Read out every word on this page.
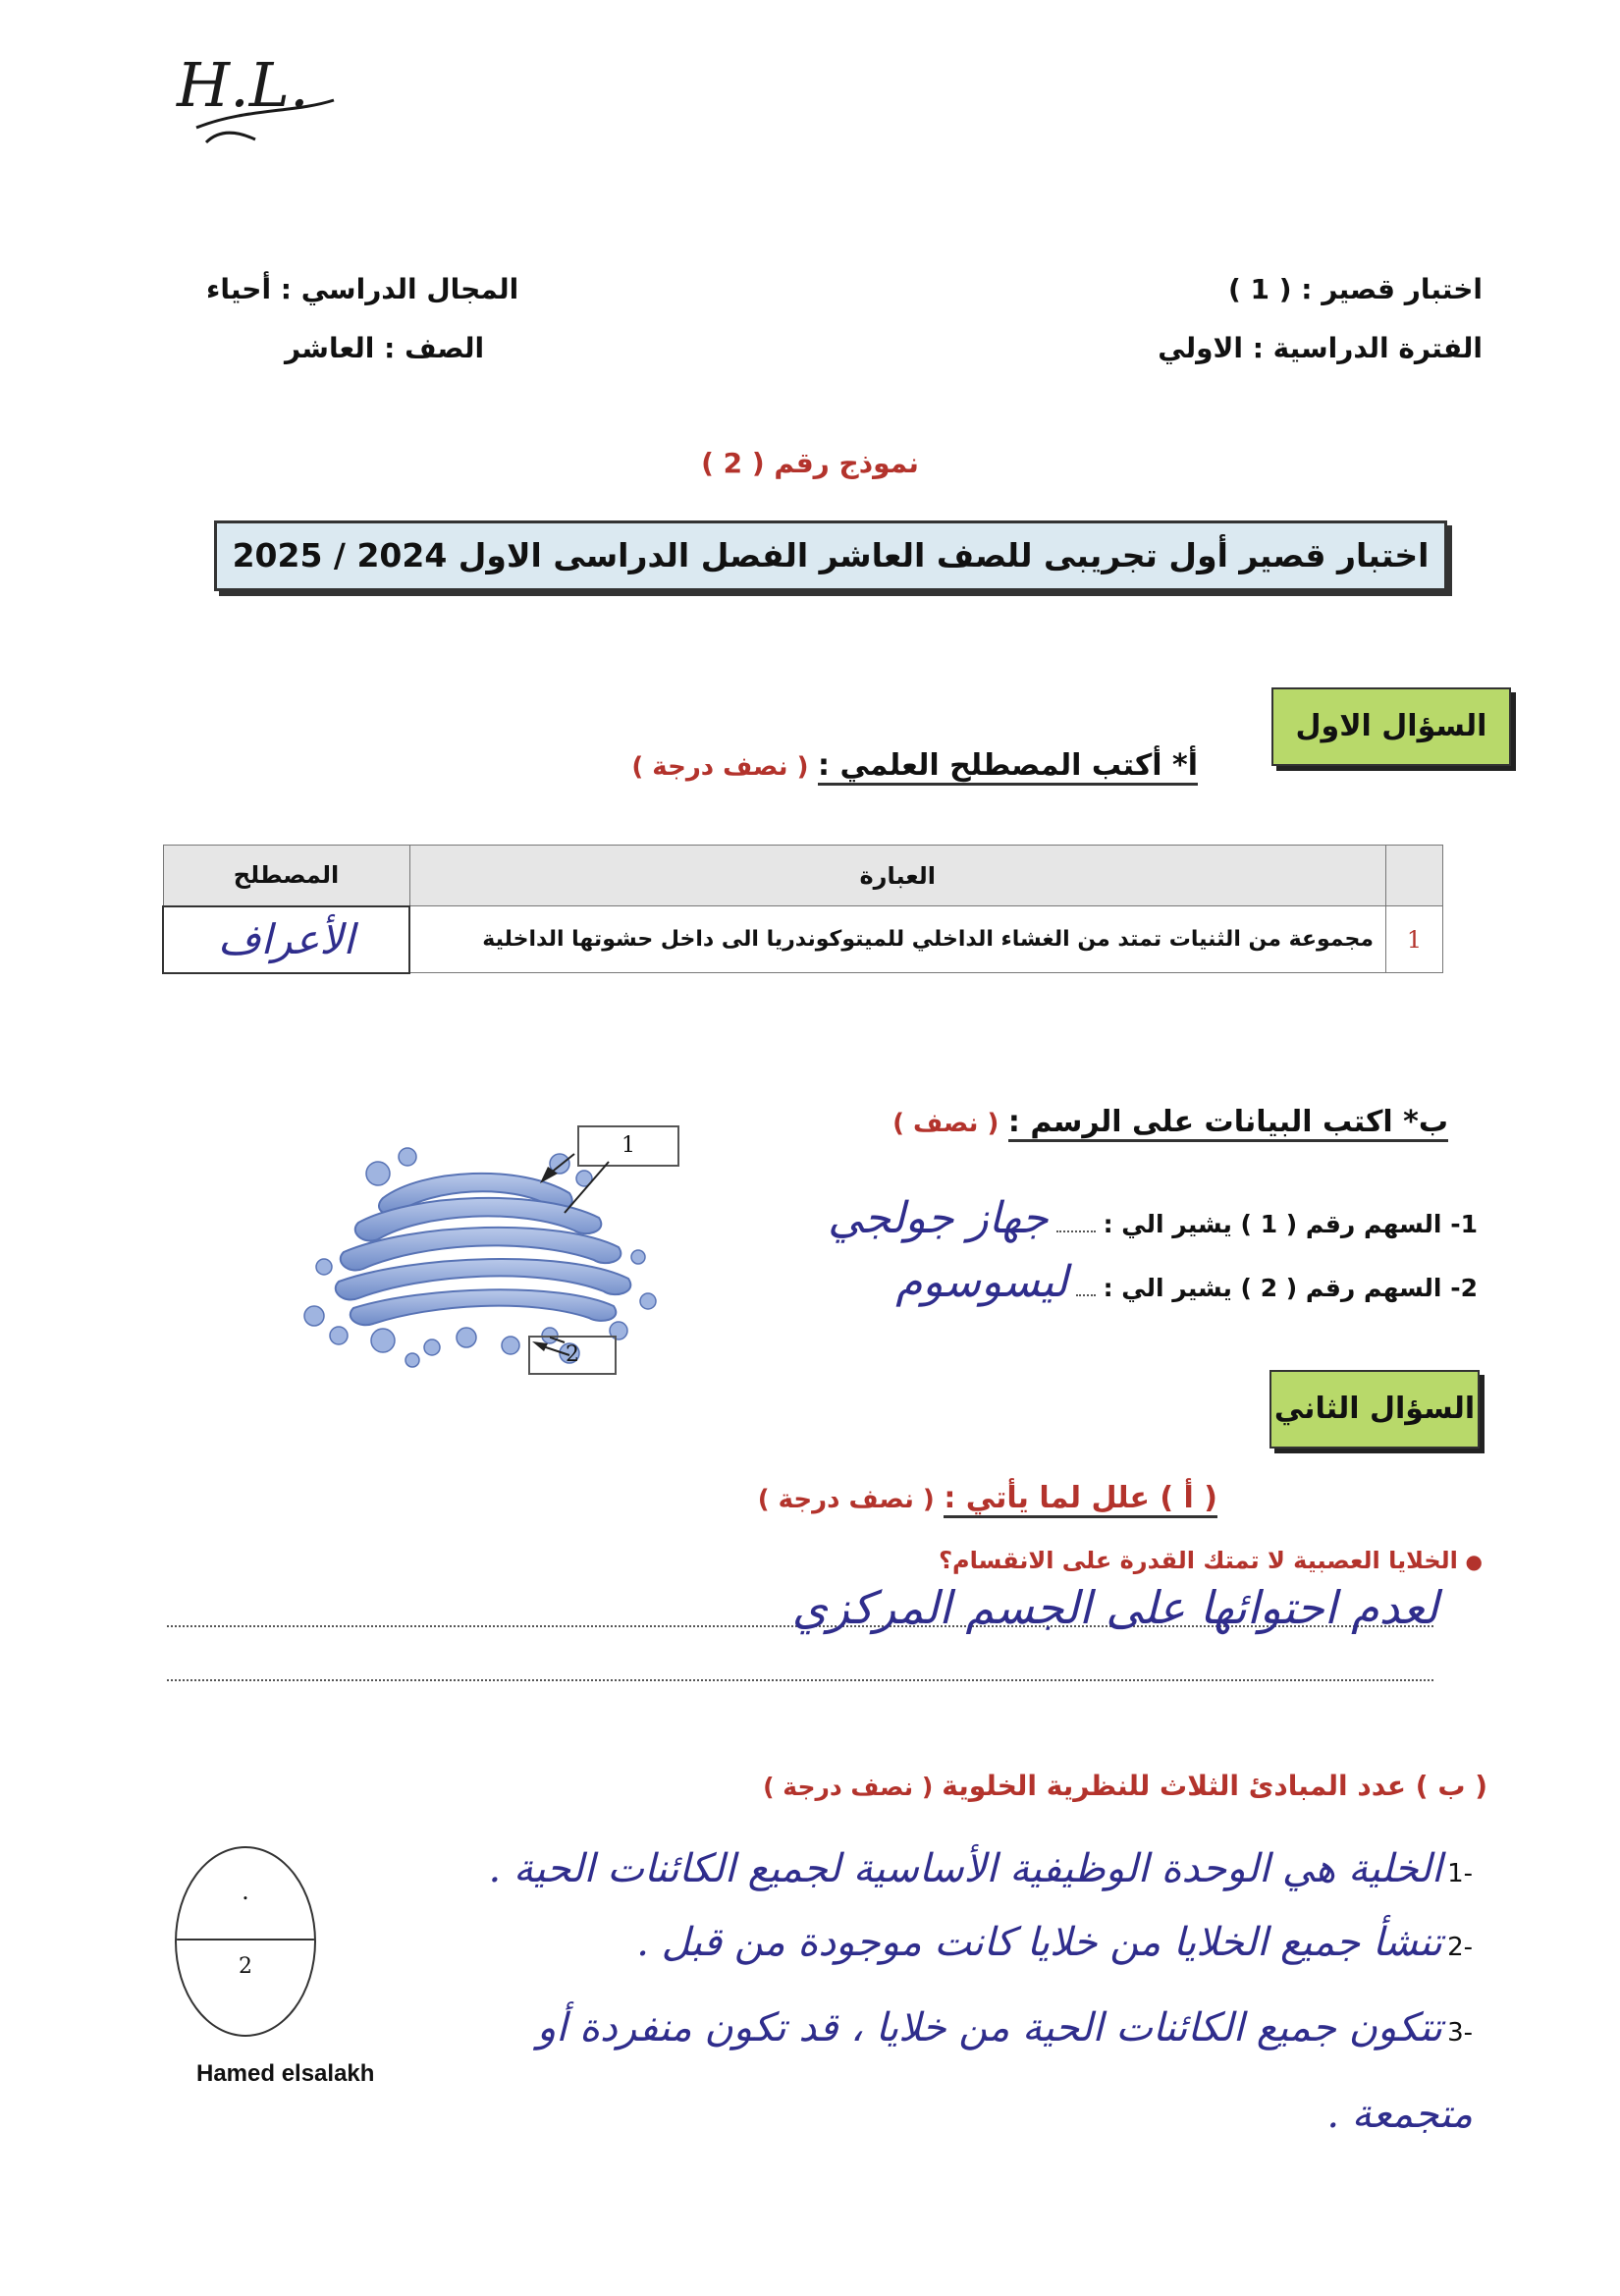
H.L.
اختبار قصير : ( 1 )
الفترة الدراسية : الاولي
المجال الدراسي : أحياء
الصف : العاشر
نموذج رقم ( 2 )
اختبار قصير أول تجريبى للصف العاشر الفصل الدراسى الاول 2024 / 2025
السؤال الاول
أ* أكتب المصطلح العلمي : ( نصف درجة )
	العبارة	المصطلح
1	مجموعة من الثنيات تمتد من الغشاء الداخلي للميتوكوندريا الى داخل حشوتها الداخلية	الأعراف
ب* اكتب البيانات على الرسم : ( نصف )
1- السهم رقم ( 1 ) يشير الي :  جهاز جولجي
2- السهم رقم ( 2 ) يشير الي :  ليسوسوم
1
2
السؤال الثاني
( أ ) علل لما يأتي : ( نصف درجة )
● الخلايا العصبية لا تمتك القدرة على الانقسام؟
لعدم احتوائها على الجسم المركزي
( ب ) عدد المبادئ الثلاث للنظرية الخلوية ( نصف درجة )
-1 الخلية هي الوحدة الوظيفية الأساسية لجميع الكائنات الحية .
-2 تنشأ جميع الخلايا من خلايا كانت موجودة من قبل .
-3 تتكون جميع الكائنات الحية من خلايا ، قد تكون منفردة أو متجمعة .
.
2
Hamed elsalakh
